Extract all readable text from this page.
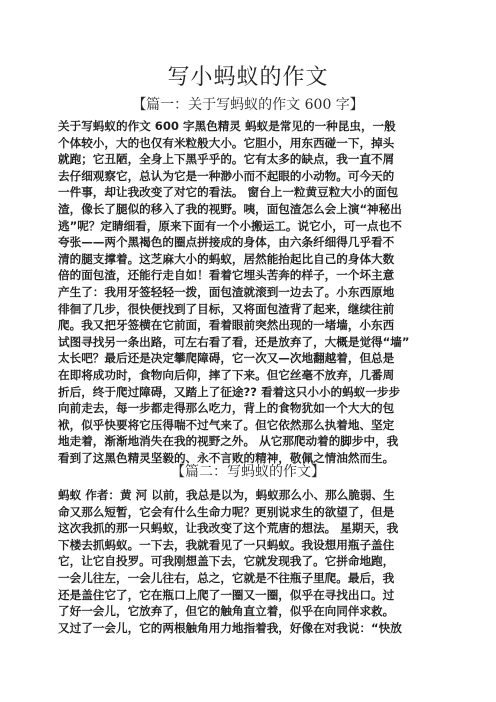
写小蚂蚁的作文
【篇一：关于写蚂蚁的作文 600 字】
关于写蚂蚁的作文 600 字黑色精灵 蚂蚁是常见的一种昆虫，一般
个体较小，大的也仅有米粒般大小。它胆小，用东西碰一下，掉头
就跑；它丑陋，全身上下黑乎乎的。它有太多的缺点，我一直不屑
去仔细观察它，总认为它是一种渺小而不起眼的小动物。可今天的
一件事，却让我改变了对它的看法。 窗台上一粒黄豆粒大小的面包
渣，像长了腿似的移入了我的视野。咦，面包渣怎么会上演“神秘出
逃”呢？定睛细看，原来下面有一个小搬运工。说它小，可一点也不
夸张——两个黑褐色的圈点拼接成的身体，由六条纤细得几乎看不
清的腿支撑着。这芝麻大小的蚂蚁，居然能抬起比自己的身体大数
倍的面包渣，还能行走自如！看着它埋头苦奔的样子，一个坏主意
产生了：我用牙签轻轻一拨，面包渣就滚到一边去了。小东西原地
徘徊了几步，很快便找到了目标，又将面包渣背了起来，继续往前
爬。我又把牙签横在它前面，看着眼前突然出现的一堵墙，小东西
试图寻找另一条出路，可左右看了看，还是放弃了，大概是觉得“墙”
太长吧？最后还是决定攀爬障碍，它一次又—次地翻越着，但总是
在即将成功时，食物向后仰，摔了下来。但它丝毫不放弃，几番周
折后，终于爬过障碍，又踏上了征途?? 看着这只小小的蚂蚁一步步
向前走去，每一步都走得那么吃力，背上的食物犹如一个大大的包
袱，似乎快要将它压得喘不过气来了。但它依然那么执着地、坚定
地走着，渐渐地消失在我的视野之外。 从它那爬动着的脚步中，我
看到了这黑色精灵坚毅的、永不言败的精神，敬佩之情油然而生。
【篇二：写蚂蚁的作文】
蚂蚁 作者：黄 河 以前，我总是以为，蚂蚁那么小、那么脆弱、生
命又那么短暂，它会有什么生命力呢？更别说求生的欲望了，但是
这次我抓的那一只蚂蚁，让我改变了这个荒唐的想法。 星期天，我
下楼去抓蚂蚁。一下去，我就看见了一只蚂蚁。我设想用瓶子盖住
它，让它自投罗。可我刚想盖下去，它就发现我了。它拼命地跑，
一会儿往左，一会儿往右，总之，它就是不往瓶子里爬。最后，我
还是盖住它了，它在瓶口上爬了一圈又一圈，似乎在寻找出口。过
了好一会儿，它放弃了，但它的触角直立着，似乎在向同伴求救。
又过了一会儿，它的两根触角用力地指着我，好像在对我说：“快放
